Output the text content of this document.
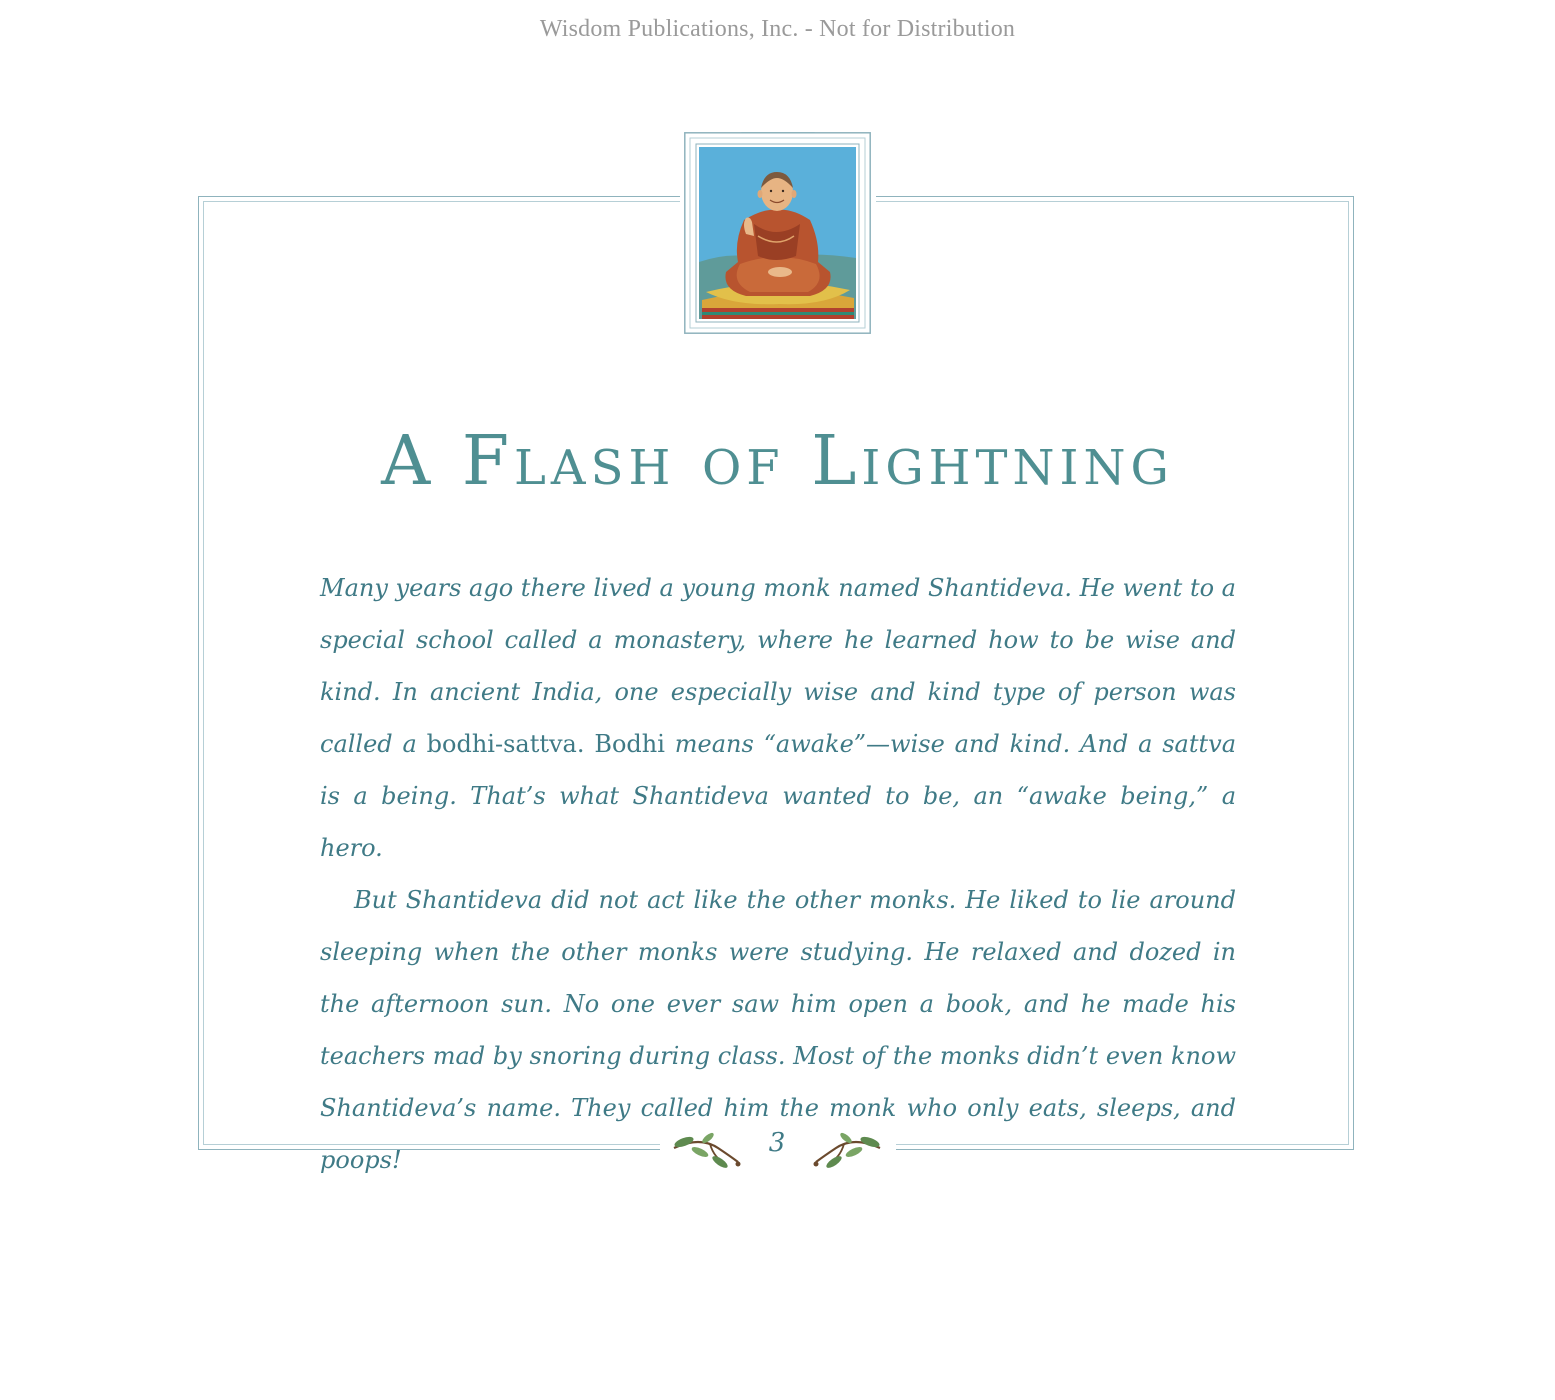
Wisdom Publications, Inc. - Not for Distribution
A Flash of Lightning

Many years ago there lived a young monk named Shantideva. He went to a special school called a monastery, where he learned how to be wise and kind. In ancient India, one especially wise and kind type of person was called a bodhi-sattva. Bodhi means “awake”—wise and kind. And a sattva is a being. That’s what Shantideva wanted to be, an “awake being,” a hero.

But Shantideva did not act like the other monks. He liked to lie around sleeping when the other monks were studying. He relaxed and dozed in the afternoon sun. No one ever saw him open a book, and he made his teachers mad by snoring during class. Most of the monks didn’t even know Shantideva’s name. They called him the monk who only eats, sleeps, and poops!

3
